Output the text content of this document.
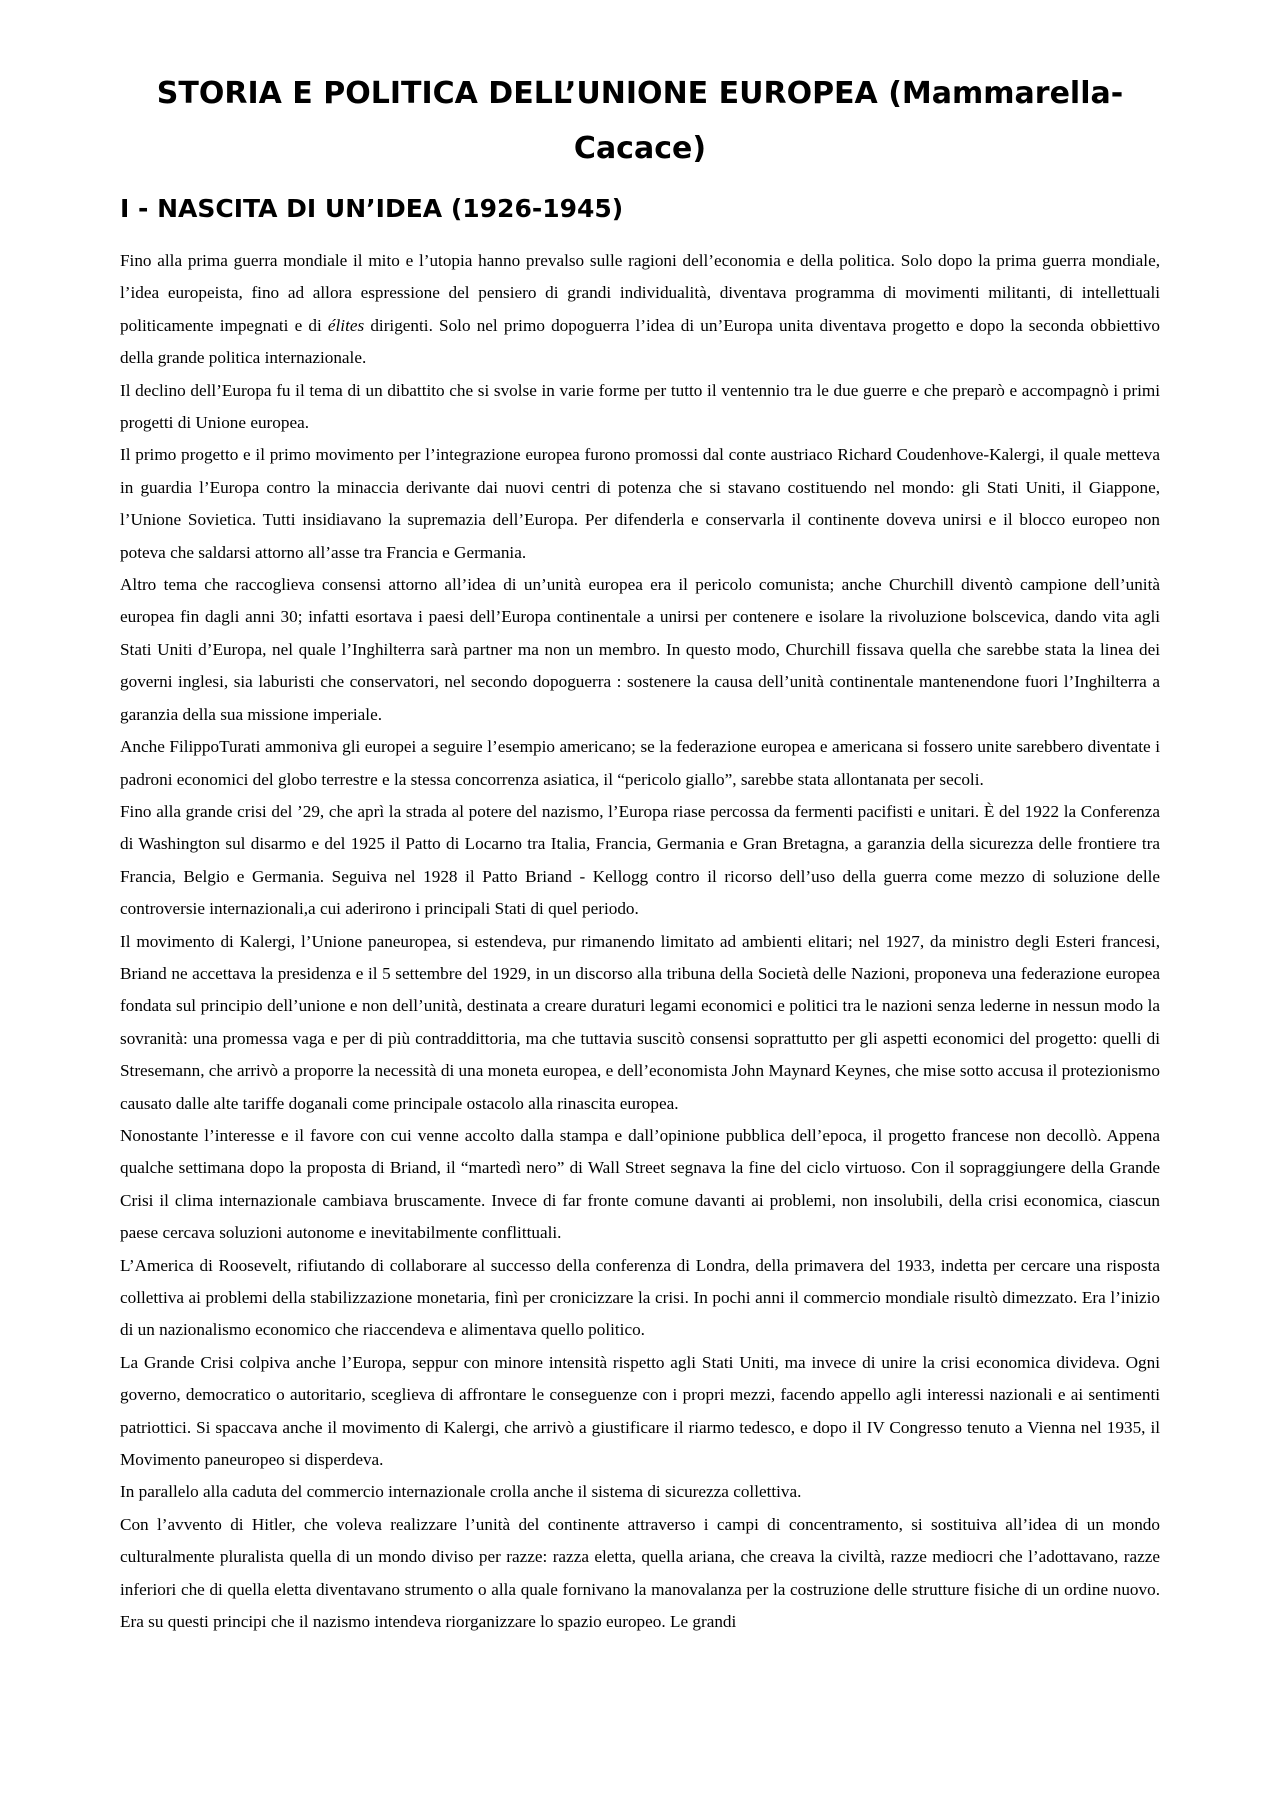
STORIA E POLITICA DELL’UNIONE EUROPEA (Mammarella-Cacace)
I - NASCITA DI UN’IDEA (1926-1945)

Fino alla prima guerra mondiale il mito e l’utopia hanno prevalso sulle ragioni dell’economia e della politica. Solo dopo la prima guerra mondiale, l’idea europeista, fino ad allora espressione del pensiero di grandi individualità, diventava programma di movimenti militanti, di intellettuali politicamente impegnati e di élites dirigenti. Solo nel primo dopoguerra l’idea di un’Europa unita diventava progetto e dopo la seconda obbiettivo della grande politica internazionale.

Il declino dell’Europa fu il tema di un dibattito che si svolse in varie forme per tutto il ventennio tra le due guerre e che preparò e accompagnò i primi progetti di Unione europea.

Il primo progetto e il primo movimento per l’integrazione europea furono promossi dal conte austriaco Richard Coudenhove-Kalergi, il quale metteva in guardia l’Europa contro la minaccia derivante dai nuovi centri di potenza che si stavano costituendo nel mondo: gli Stati Uniti, il Giappone, l’Unione Sovietica. Tutti insidiavano la supremazia dell’Europa. Per difenderla e conservarla il continente doveva unirsi e il blocco europeo non poteva che saldarsi attorno all’asse tra Francia e Germania.

Altro tema che raccoglieva consensi attorno all’idea di un’unità europea era il pericolo comunista; anche Churchill diventò campione dell’unità europea fin dagli anni 30; infatti esortava i paesi dell’Europa continentale a unirsi per contenere e isolare la rivoluzione bolscevica, dando vita agli Stati Uniti d’Europa, nel quale l’Inghilterra sarà partner ma non un membro. In questo modo, Churchill fissava quella che sarebbe stata la linea dei governi inglesi, sia laburisti che conservatori, nel secondo dopoguerra : sostenere la causa dell’unità continentale mantenendone fuori l’Inghilterra a garanzia della sua missione imperiale.

Anche FilippoTurati ammoniva gli europei a seguire l’esempio americano; se la federazione europea e americana si fossero unite sarebbero diventate i padroni economici del globo terrestre e la stessa concorrenza asiatica, il “pericolo giallo”, sarebbe stata allontanata per secoli.

Fino alla grande crisi del ’29, che aprì la strada al potere del nazismo, l’Europa riase percossa da fermenti pacifisti e unitari. È del 1922 la Conferenza di Washington sul disarmo e del 1925 il Patto di Locarno tra Italia, Francia, Germania e Gran Bretagna, a garanzia della sicurezza delle frontiere tra Francia, Belgio e Germania. Seguiva nel 1928 il Patto Briand - Kellogg contro il ricorso dell’uso della guerra come mezzo di soluzione delle controversie internazionali,a cui aderirono i principali Stati di quel periodo.

Il movimento di Kalergi, l’Unione paneuropea, si estendeva, pur rimanendo limitato ad ambienti elitari; nel 1927, da ministro degli Esteri francesi, Briand ne accettava la presidenza e il 5 settembre del 1929, in un discorso alla tribuna della Società delle Nazioni, proponeva una federazione europea fondata sul principio dell’unione e non dell’unità, destinata a creare duraturi legami economici e politici tra le nazioni senza lederne in nessun modo la sovranità: una promessa vaga e per di più contraddittoria, ma che tuttavia suscitò consensi soprattutto per gli aspetti economici del progetto: quelli di Stresemann, che arrivò a proporre la necessità di una moneta europea, e dell’economista John Maynard Keynes, che mise sotto accusa il protezionismo causato dalle alte tariffe doganali come principale ostacolo alla rinascita europea.

Nonostante l’interesse e il favore con cui venne accolto dalla stampa e dall’opinione pubblica dell’epoca, il progetto francese non decollò. Appena qualche settimana dopo la proposta di Briand, il “martedì nero” di Wall Street segnava la fine del ciclo virtuoso. Con il sopraggiungere della Grande Crisi il clima internazionale cambiava bruscamente. Invece di far fronte comune davanti ai problemi, non insolubili, della crisi economica, ciascun paese cercava soluzioni autonome e inevitabilmente conflittuali.

L’America di Roosevelt, rifiutando di collaborare al successo della conferenza di Londra, della primavera del 1933, indetta per cercare una risposta collettiva ai problemi della stabilizzazione monetaria, finì per cronicizzare la crisi. In pochi anni il commercio mondiale risultò dimezzato. Era l’inizio di un nazionalismo economico che riaccendeva e alimentava quello politico.

La Grande Crisi colpiva anche l’Europa, seppur con minore intensità rispetto agli Stati Uniti, ma invece di unire la crisi economica divideva. Ogni governo, democratico o autoritario, sceglieva di affrontare le conseguenze con i propri mezzi, facendo appello agli interessi nazionali e ai sentimenti patriottici. Si spaccava anche il movimento di Kalergi, che arrivò a giustificare il riarmo tedesco, e dopo il IV Congresso tenuto a Vienna nel 1935, il Movimento paneuropeo si disperdeva.

In parallelo alla caduta del commercio internazionale crolla anche il sistema di sicurezza collettiva.

Con l’avvento di Hitler, che voleva realizzare l’unità del continente attraverso i campi di concentramento, si sostituiva all’idea di un mondo culturalmente pluralista quella di un mondo diviso per razze: razza eletta, quella ariana, che creava la civiltà, razze mediocri che l’adottavano, razze inferiori che di quella eletta diventavano strumento o alla quale fornivano la manovalanza per la costruzione delle strutture fisiche di un ordine nuovo. Era su questi principi che il nazismo intendeva riorganizzare lo spazio europeo. Le grandi
